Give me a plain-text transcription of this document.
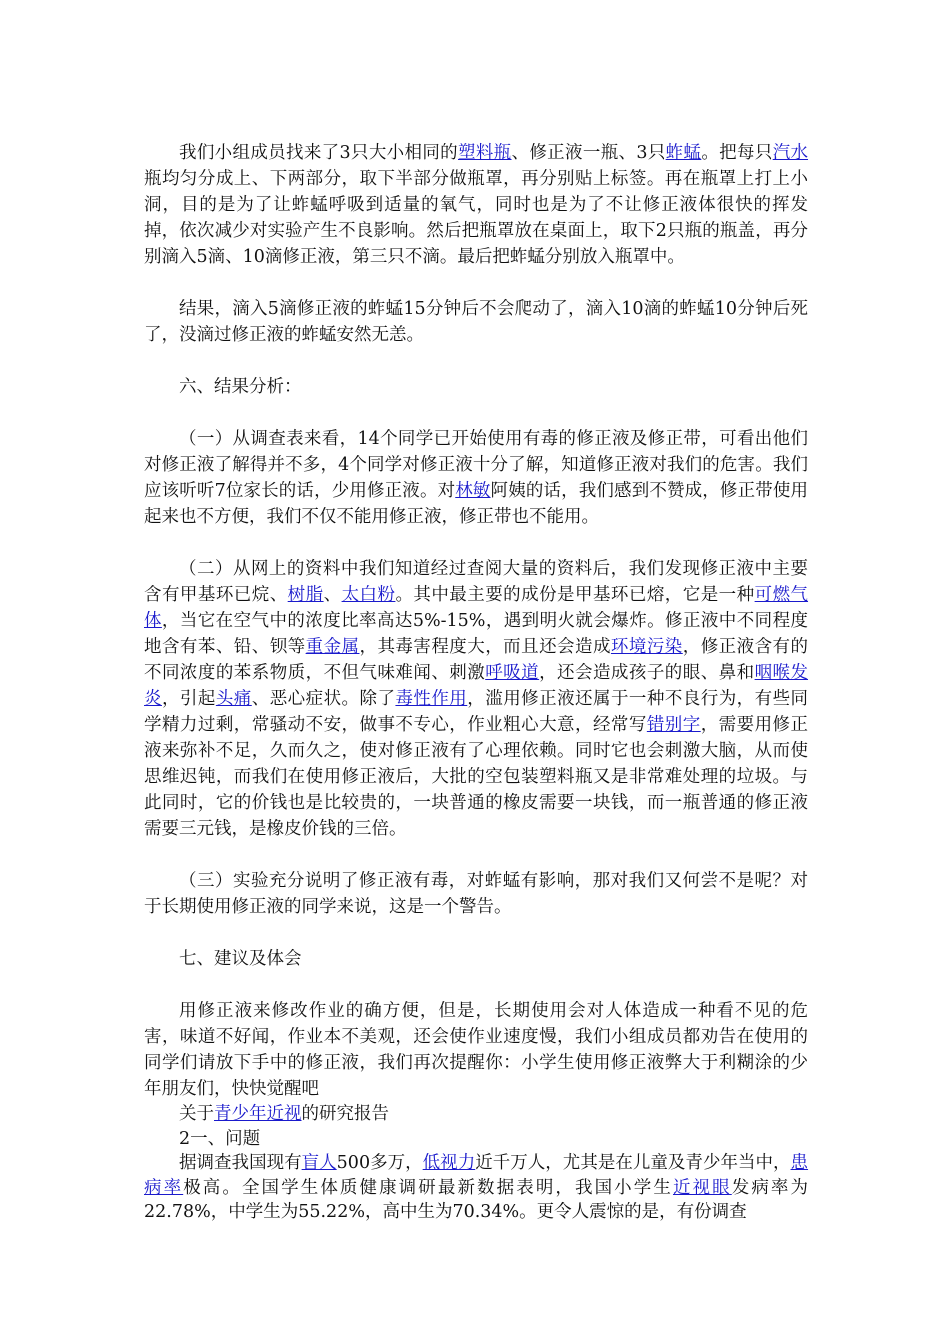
我们小组成员找来了3只大小相同的塑料瓶、修正液一瓶、3只蚱蜢。把每只汽水瓶均匀分成上、下两部分，取下半部分做瓶罩，再分别贴上标签。再在瓶罩上打上小洞，目的是为了让蚱蜢呼吸到适量的氧气，同时也是为了不让修正液体很快的挥发掉，依次减少对实验产生不良影响。然后把瓶罩放在桌面上，取下2只瓶的瓶盖，再分别滴入5滴、10滴修正液，第三只不滴。最后把蚱蜢分别放入瓶罩中。

结果，滴入5滴修正液的蚱蜢15分钟后不会爬动了，滴入10滴的蚱蜢10分钟后死了，没滴过修正液的蚱蜢安然无恙。

六、结果分析：

（一）从调查表来看，14个同学已开始使用有毒的修正液及修正带，可看出他们对修正液了解得并不多，4个同学对修正液十分了解，知道修正液对我们的危害。我们应该听听7位家长的话，少用修正液。对林敏阿姨的话，我们感到不赞成，修正带使用起来也不方便，我们不仅不能用修正液，修正带也不能用。

（二）从网上的资料中我们知道经过查阅大量的资料后，我们发现修正液中主要含有甲基环已烷、树脂、太白粉。其中最主要的成份是甲基环已熔，它是一种可燃气体，当它在空气中的浓度比率高达5%-15%，遇到明火就会爆炸。修正液中不同程度地含有苯、铅、钡等重金属，其毒害程度大，而且还会造成环境污染，修正液含有的不同浓度的苯系物质，不但气味难闻、刺激呼吸道，还会造成孩子的眼、鼻和咽喉发炎，引起头痛、恶心症状。除了毒性作用，滥用修正液还属于一种不良行为，有些同学精力过剩，常骚动不安，做事不专心，作业粗心大意，经常写错别字，需要用修正液来弥补不足，久而久之，使对修正液有了心理依赖。同时它也会刺激大脑，从而使思维迟钝，而我们在使用修正液后，大批的空包装塑料瓶又是非常难处理的垃圾。与此同时，它的价钱也是比较贵的，一块普通的橡皮需要一块钱，而一瓶普通的修正液需要三元钱，是橡皮价钱的三倍。

（三）实验充分说明了修正液有毒，对蚱蜢有影响，那对我们又何尝不是呢？对于长期使用修正液的同学来说，这是一个警告。

七、建议及体会

用修正液来修改作业的确方便，但是，长期使用会对人体造成一种看不见的危害，味道不好闻，作业本不美观，还会使作业速度慢，我们小组成员都劝告在使用的同学们请放下手中的修正液，我们再次提醒你：小学生使用修正液弊大于利糊涂的少年朋友们，快快觉醒吧

关于青少年近视的研究报告

2一、问题

据调查我国现有盲人500多万，低视力近千万人，尤其是在儿童及青少年当中，患病率极高。全国学生体质健康调研最新数据表明，我国小学生近视眼发病率为22.78%，中学生为55.22%，高中生为70.34%。更令人震惊的是，有份调查
